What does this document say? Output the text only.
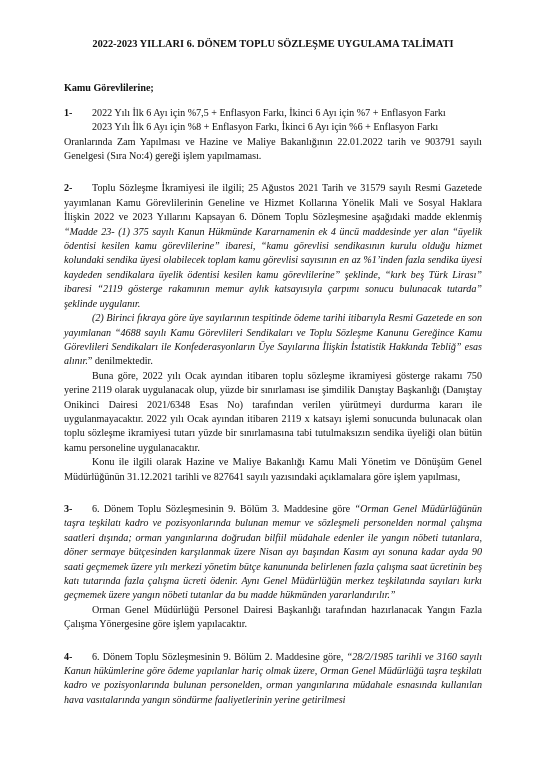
2022-2023 YILLARI 6. DÖNEM TOPLU SÖZLEŞME UYGULAMA TALİMATI
Kamu Görevlilerine;
1-	2022 Yılı İlk 6 Ayı için %7,5 + Enflasyon Farkı, İkinci 6 Ayı için %7 + Enflasyon Farkı

2023 Yılı İlk 6 Ayı için %8 + Enflasyon Farkı, İkinci 6 Ayı için %6 + Enflasyon Farkı

Oranlarında Zam Yapılması ve Hazine ve Maliye Bakanlığının 22.01.2022 tarih ve 903791 sayılı Genelgesi (Sıra No:4) gereği işlem yapılmaması.

2-	Toplu Sözleşme İkramiyesi ile ilgili; 25 Ağustos 2021 Tarih ve 31579 sayılı Resmi Gazetede yayımlanan Kamu Görevlilerinin Geneline ve Hizmet Kollarına Yönelik Mali ve Sosyal Haklara İlişkin 2022 ve 2023 Yıllarını Kapsayan 6. Dönem Toplu Sözleşmesine aşağıdaki madde eklenmiş “Madde 23- (1) 375 sayılı Kanun Hükmünde Kararnamenin ek 4 üncü maddesinde yer alan “üyelik ödentisi kesilen kamu görevlilerine” ibaresi, “kamu görevlisi sendikasının kurulu olduğu hizmet kolundaki sendika üyesi olabilecek toplam kamu görevlisi sayısının en az %1’inden fazla sendika üyesi kaydeden sendikalara üyelik ödentisi kesilen kamu görevlilerine” şeklinde, “kırk beş Türk Lirası” ibaresi “2119 gösterge rakamının memur aylık katsayısıyla çarpımı sonucu bulunacak tutarda” şeklinde uygulanır.

(2) Birinci fıkraya göre üye sayılarının tespitinde ödeme tarihi itibarıyla Resmi Gazetede en son yayımlanan “4688 sayılı Kamu Görevlileri Sendikaları ve Toplu Sözleşme Kanunu Gereğince Kamu Görevlileri Sendikaları ile Konfederasyonların Üye Sayılarına İlişkin İstatistik Hakkında Tebliğ” esas alınır.” denilmektedir.

Buna göre, 2022 yılı Ocak ayından itibaren toplu sözleşme ikramiyesi gösterge rakamı 750 yerine 2119 olarak uygulanacak olup, yüzde bir sınırlaması ise şimdilik Danıştay Başkanlığı (Danıştay Onikinci Dairesi 2021/6348 Esas No) tarafından verilen yürütmeyi durdurma kararı ile uygulanmayacaktır. 2022 yılı Ocak ayından itibaren 2119 x katsayı işlemi sonucunda bulunacak olan toplu sözleşme ikramiyesi tutarı yüzde bir sınırlamasına tabi tutulmaksızın sendika üyeliği olan bütün kamu personeline uygulanacaktır.

Konu ile ilgili olarak Hazine ve Maliye Bakanlığı Kamu Mali Yönetim ve Dönüşüm Genel Müdürlüğünün 31.12.2021 tarihli ve 827641 sayılı yazısındaki açıklamalara göre işlem yapılması,

3-	6. Dönem Toplu Sözleşmesinin 9. Bölüm 3. Maddesine göre “Orman Genel Müdürlüğünün taşra teşkilatı kadro ve pozisyonlarında bulunan memur ve sözleşmeli personelden normal çalışma saatleri dışında; orman yangınlarına doğrudan bilfiil müdahale edenler ile yangın nöbeti tutanlara, döner sermaye bütçesinden karşılanmak üzere Nisan ayı başından Kasım ayı sonuna kadar ayda 90 saati geçmemek üzere yılı merkezi yönetim bütçe kanununda belirlenen fazla çalışma saat ücretinin beş katı tutarında fazla çalışma ücreti ödenir. Aynı Genel Müdürlüğün merkez teşkilatında sayıları kırkı geçmemek üzere yangın nöbeti tutanlar da bu madde hükmünden yararlandırılır.”

Orman Genel Müdürlüğü Personel Dairesi Başkanlığı tarafından hazırlanacak Yangın Fazla Çalışma Yönergesine göre işlem yapılacaktır.

4-	6. Dönem Toplu Sözleşmesinin 9. Bölüm 2. Maddesine göre, “28/2/1985 tarihli ve 3160 sayılı Kanun hükümlerine göre ödeme yapılanlar hariç olmak üzere, Orman Genel Müdürlüğü taşra teşkilatı kadro ve pozisyonlarında bulunan personelden, orman yangınlarına müdahale esnasında kullanılan hava vasıtalarında yangın söndürme faaliyetlerinin yerine getirilmesi
